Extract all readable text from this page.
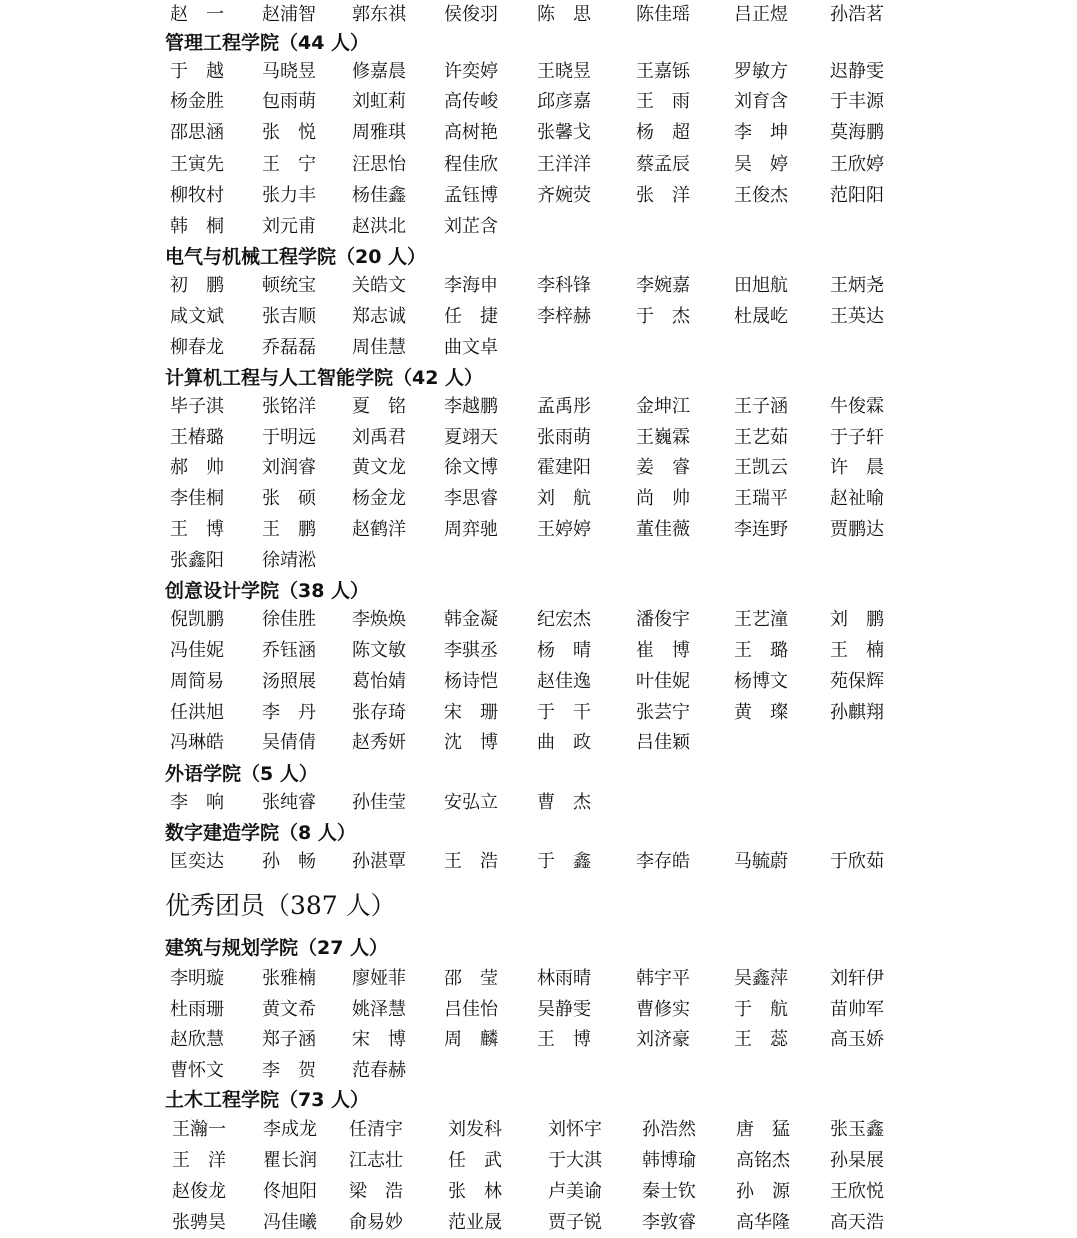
赵　一 赵浦智 郭东祺 侯俊羽 陈　思	陈佳瑶 吕正煜 孙浩茗
管理工程学院（44 人）
于　越 马晓昱 修嘉晨 许奕婷 王晓昱	王嘉铄 罗敏方 迟静雯
杨金胜 包雨萌 刘虹莉 高传峻 邱彦嘉	王　雨 刘育含 于丰源
邵思涵 张　悦 周雅琪 高树艳 张馨戈	杨　超 李　坤 莫海鹏
王寅先 王　宁 汪思怡 程佳欣 王洋洋	蔡孟辰 吴　婷 王欣婷
柳牧村 张力丰 杨佳鑫 孟钰博 齐婉荧	张　洋 王俊杰 范阳阳
韩　桐 刘元甫 赵洪北 刘芷含
电气与机械工程学院（20 人）
初　鹏 顿统宝 关皓文 李海申 李科锋	李婉嘉 田旭航 王炳尧
咸文斌 张吉顺 郑志诚 任　捷 李梓赫	于　杰 杜晟屹 王英达
柳春龙 乔磊磊 周佳慧 曲文卓
计算机工程与人工智能学院（42 人）
毕子淇 张铭洋 夏　铭 李越鹏 孟禹彤	金坤江 王子涵 牛俊霖
王椿璐 于明远 刘禹君 夏翊天 张雨萌	王巍霖 王艺茹 于子轩
郝　帅 刘润睿 黄文龙 徐文博 霍建阳	姜　睿 王凯云 许　晨
李佳桐 张　硕 杨金龙 李思睿 刘　航	尚　帅 王瑞平 赵祉喻
王　博 王　鹏 赵鹤洋 周弈驰 王婷婷	董佳薇 李连野 贾鹏达
张鑫阳 徐靖淞
创意设计学院（38 人）
倪凯鹏 徐佳胜 李焕焕 韩金凝 纪宏杰	潘俊宇 王艺潼 刘　鹏
冯佳妮 乔钰涵 陈文敏 李骐丞 杨　晴	崔　博 王　璐 王　楠
周简易 汤照展 葛怡婧 杨诗恺 赵佳逸	叶佳妮 杨博文 苑保辉
任洪旭 李　丹 张存琦 宋　珊 于　干	张芸宁 黄　璨 孙麒翔
冯琳皓 吴倩倩 赵秀妍 沈　博 曲　政	吕佳颖
外语学院（5 人）
李　响 张纯睿 孙佳莹 安弘立 曹　杰
数字建造学院（8 人）
匡奕达 孙　畅 孙湛覃 王　浩 于　鑫	李存皓 马毓蔚 于欣茹
优秀团员（387 人）
建筑与规划学院（27 人）
李明璇 张雅楠 廖娅菲 邵　莹 林雨晴	韩宇平 吴鑫萍 刘轩伊
杜雨珊 黄文希 姚泽慧 吕佳怡 吴静雯	曹修实 于　航 苗帅军
赵欣慧 郑子涵 宋　博 周　麟 王　博	刘济豪 王　蕊 高玉娇
曹怀文 李　贺 范春赫
土木工程学院（73 人）
王瀚一 李成龙 任清宇	刘发科	刘怀宇 孙浩然 唐　猛 张玉鑫
王　洋 瞿长润 江志壮	任　武	于大淇 韩博瑜 高铭杰 孙杲展
赵俊龙 佟旭阳 梁　浩	张　林	卢美谕 秦士钦 孙　源 王欣悦
张骋昊 冯佳曦 俞易妙	范业晟	贾子锐 李敦睿 高华隆 高天浩
